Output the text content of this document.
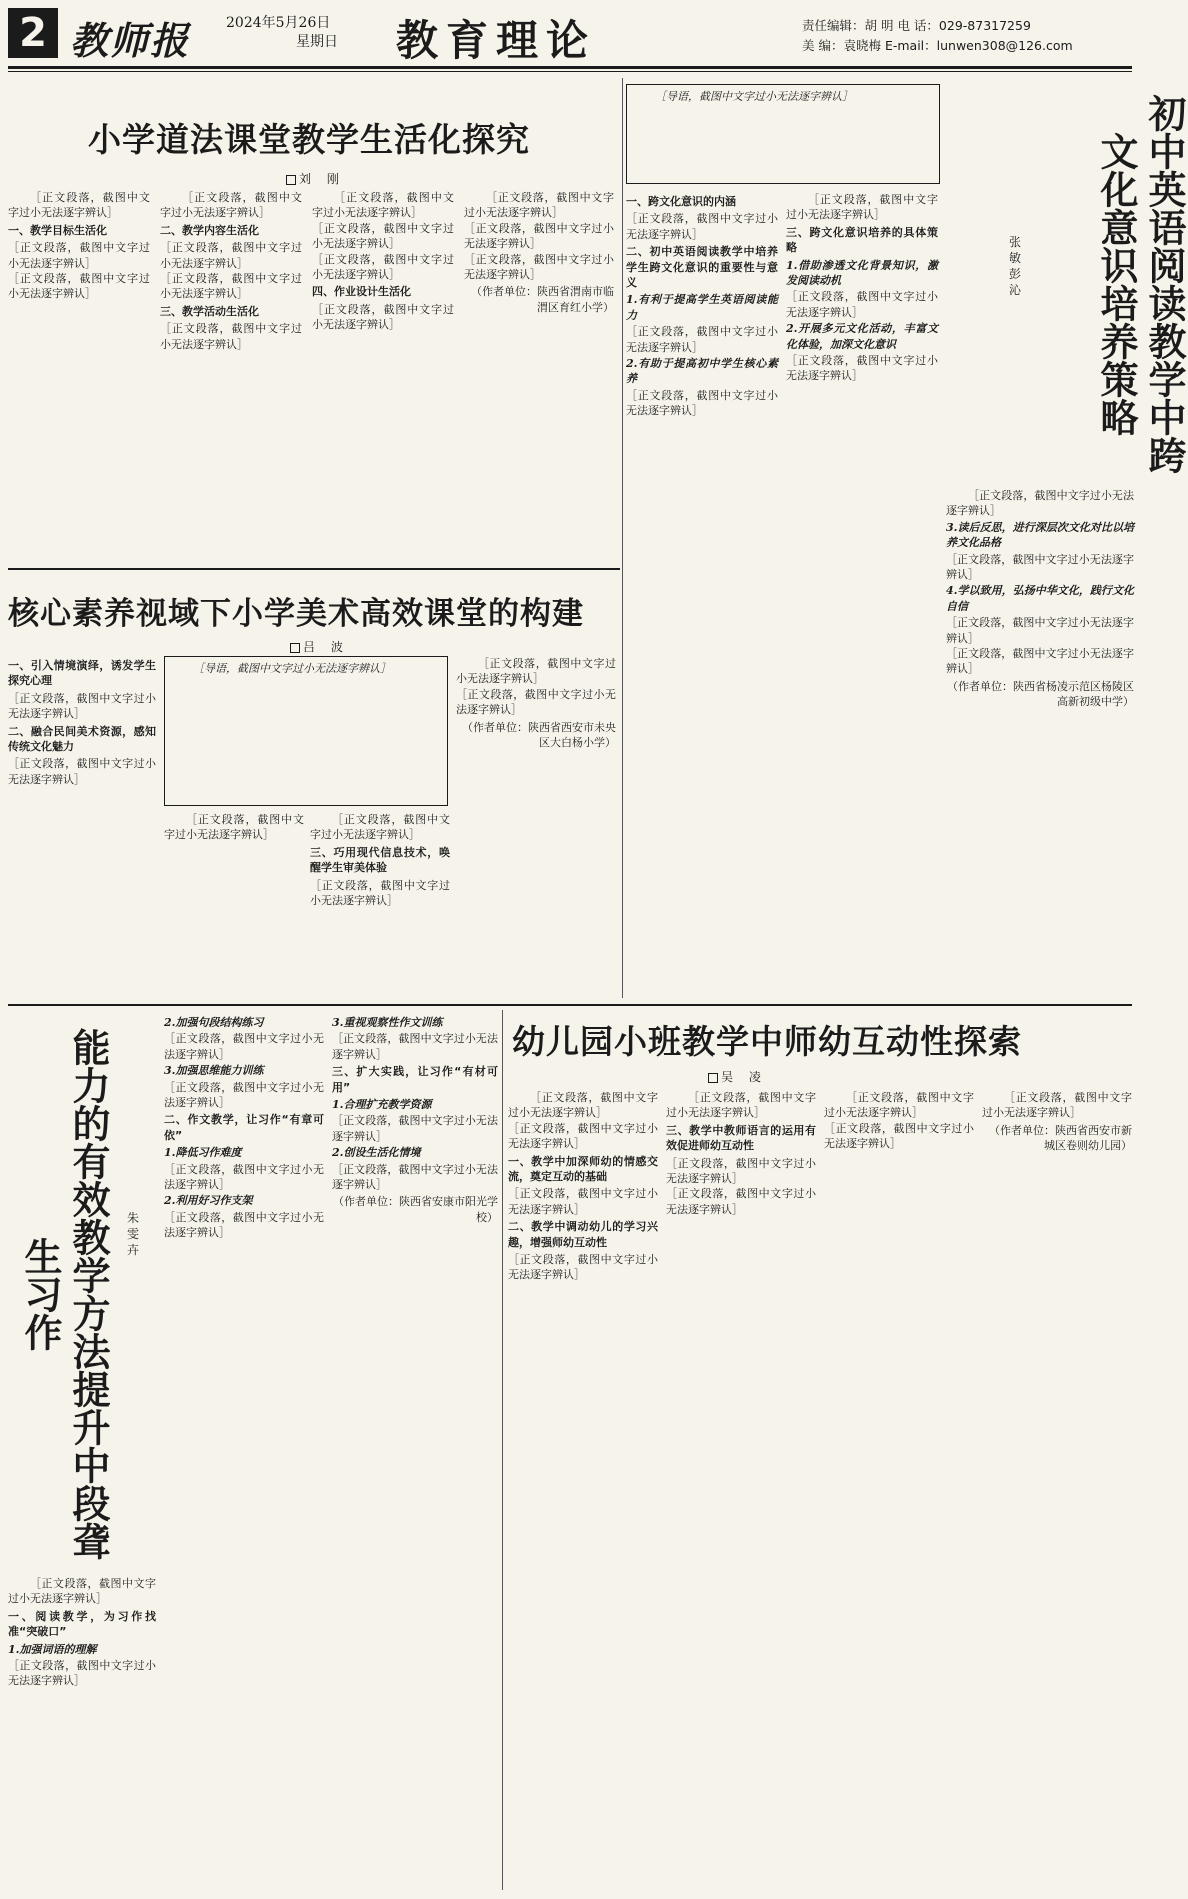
2 教师报	2024年5月26日
星期日 教育理论	责任编辑：胡 明 电 话：029-87317259
美 编：袁晓梅 E-mail：lunwen308@126.com
小学道法课堂教学生活化探究
刘 刚
［正文段落，截图中文字过小无法逐字辨认］
一、教学目标生活化
［正文段落，截图中文字过小无法逐字辨认］
［正文段落，截图中文字过小无法逐字辨认］
［正文段落，截图中文字过小无法逐字辨认］
二、教学内容生活化
［正文段落，截图中文字过小无法逐字辨认］
［正文段落，截图中文字过小无法逐字辨认］
三、教学活动生活化
［正文段落，截图中文字过小无法逐字辨认］
［正文段落，截图中文字过小无法逐字辨认］
［正文段落，截图中文字过小无法逐字辨认］
［正文段落，截图中文字过小无法逐字辨认］
四、作业设计生活化
［正文段落，截图中文字过小无法逐字辨认］
［正文段落，截图中文字过小无法逐字辨认］
［正文段落，截图中文字过小无法逐字辨认］
［正文段落，截图中文字过小无法逐字辨认］
（作者单位：陕西省渭南市临渭区育红小学）
核心素养视域下小学美术高效课堂的构建
吕 波
一、引入情境演绎，诱发学生探究心理
［正文段落，截图中文字过小无法逐字辨认］
二、融合民间美术资源，感知传统文化魅力
［正文段落，截图中文字过小无法逐字辨认］
［导语，截图中文字过小无法逐字辨认］
［正文段落，截图中文字过小无法逐字辨认］
［正文段落，截图中文字过小无法逐字辨认］
三、巧用现代信息技术，唤醒学生审美体验
［正文段落，截图中文字过小无法逐字辨认］
［正文段落，截图中文字过小无法逐字辨认］
［正文段落，截图中文字过小无法逐字辨认］
（作者单位：陕西省西安市未央区大白杨小学）
［导语，截图中文字过小无法逐字辨认］	初中英语阅读教学中跨文化意识培养策略
张 敏 彭 沁
一、跨文化意识的内涵
［正文段落，截图中文字过小无法逐字辨认］
二、初中英语阅读教学中培养学生跨文化意识的重要性与意义
1.有利于提高学生英语阅读能力
［正文段落，截图中文字过小无法逐字辨认］
2.有助于提高初中学生核心素养
［正文段落，截图中文字过小无法逐字辨认］
［正文段落，截图中文字过小无法逐字辨认］
三、跨文化意识培养的具体策略
1.借助渗透文化背景知识，激发阅读动机
［正文段落，截图中文字过小无法逐字辨认］
2.开展多元文化活动，丰富文化体验，加深文化意识
［正文段落，截图中文字过小无法逐字辨认］
［正文段落，截图中文字过小无法逐字辨认］
3.读后反思，进行深层次文化对比以培养文化品格
［正文段落，截图中文字过小无法逐字辨认］
4.学以致用，弘扬中华文化，践行文化自信
［正文段落，截图中文字过小无法逐字辨认］
［正文段落，截图中文字过小无法逐字辨认］
（作者单位：陕西省杨凌示范区杨陵区高新初级中学）
能力的有效教学方法提升中段聋生习作
朱 雯 卉
［正文段落，截图中文字过小无法逐字辨认］
一、阅读教学，为习作找准“突破口”
1.加强词语的理解
［正文段落，截图中文字过小无法逐字辨认］
2.加强句段结构练习
［正文段落，截图中文字过小无法逐字辨认］
3.加强思维能力训练
［正文段落，截图中文字过小无法逐字辨认］
二、作文教学，让习作“有章可依”
1.降低习作难度
［正文段落，截图中文字过小无法逐字辨认］
2.利用好习作支架
［正文段落，截图中文字过小无法逐字辨认］
3.重视观察性作文训练
［正文段落，截图中文字过小无法逐字辨认］
三、扩大实践，让习作“有材可用”
1.合理扩充教学资源
［正文段落，截图中文字过小无法逐字辨认］
2.创设生活化情境
［正文段落，截图中文字过小无法逐字辨认］
（作者单位：陕西省安康市阳光学校）
幼儿园小班教学中师幼互动性探索
吴 凌
［正文段落，截图中文字过小无法逐字辨认］
［正文段落，截图中文字过小无法逐字辨认］
一、教学中加深师幼的情感交流，奠定互动的基础
［正文段落，截图中文字过小无法逐字辨认］
二、教学中调动幼儿的学习兴趣，增强师幼互动性
［正文段落，截图中文字过小无法逐字辨认］
［正文段落，截图中文字过小无法逐字辨认］
三、教学中教师语言的运用有效促进师幼互动性
［正文段落，截图中文字过小无法逐字辨认］
［正文段落，截图中文字过小无法逐字辨认］
［正文段落，截图中文字过小无法逐字辨认］
［正文段落，截图中文字过小无法逐字辨认］
［正文段落，截图中文字过小无法逐字辨认］
（作者单位：陕西省西安市新城区卷则幼儿园）
